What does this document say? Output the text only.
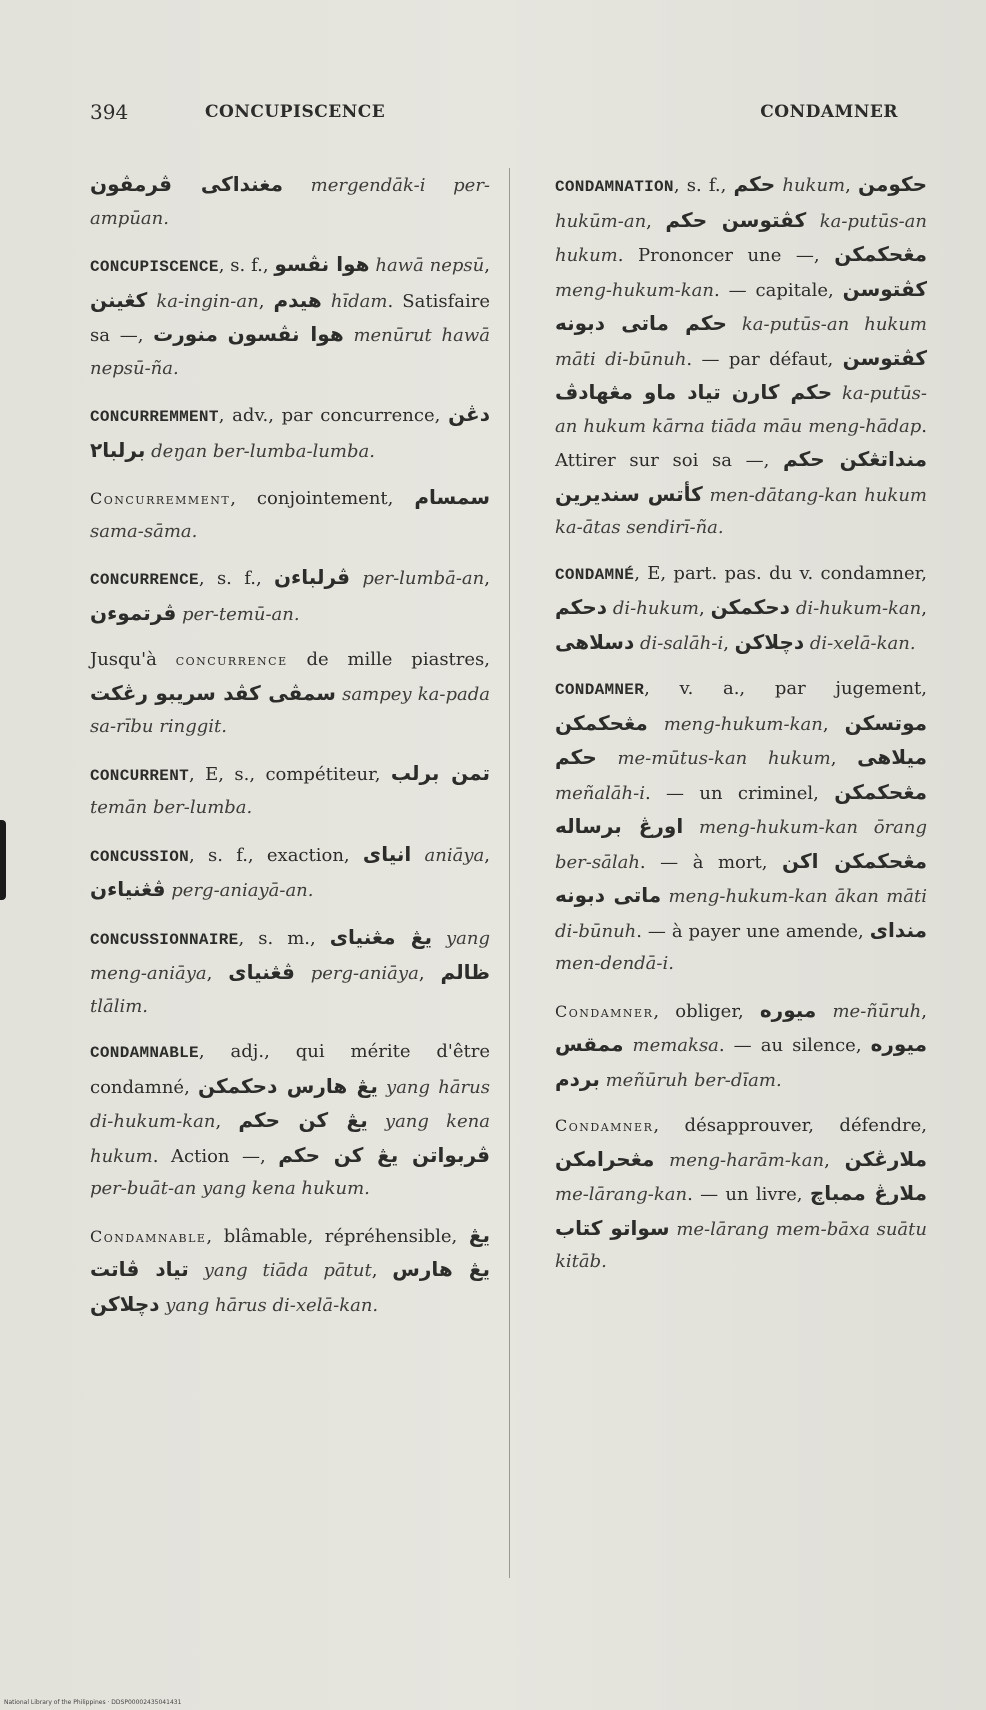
394	CONCUPISCENCE	CONDAMNER

مغنداكى ڤرمڤون mergendāk-i per-ampūan.

CONCUPISCENCE, s. f., هوا نڤسو hawā nepsū, كڠينن ka-ingin-an, هيدم hīdam. Satisfaire sa —, منورت هوا نڤسون menūrut hawā nepsū-ña.

CONCURREMMENT, adv., par concurrence, دڠن برلبا٢ deŋan ber-lumba-lumba.

Concurremment, conjointement, سمسام sama-sāma.

CONCURRENCE, s. f., ڤرلباءن per-lumbā-an, ڤرتموءن per-temū-an.

Jusqu'à concurrence de mille piastres, سمڤى كڤد سريبو رڠكت sampey ka-pada sa-rību ringgit.

CONCURRENT, E, s., compétiteur, تمن برلب temān ber-lumba.

CONCUSSION, s. f., exaction, انياى aniāya, ڤڠنياءن perg-aniayā-an.

CONCUSSIONNAIRE, s. m., يڠ مڠنياى yang meng-aniāya, ڤڠنياى perg-aniāya, ظالم tlālim.

CONDAMNABLE, adj., qui mérite d'être condamné, يڠ هارس دحكمكن yang hārus di-hukum-kan, يڠ كن حكم yang kena hukum. Action —, ڤربواتن يڠ كن حكم per-buāt-an yang kena hukum.

Condamnable, blâmable, répréhensible, يڠ تياد ڤاتت yang tiāda pātut, يڠ هارس دچلاكن yang hārus di-xelā-kan.

CONDAMNATION, s. f., حكم hukum, حكومن hukūm-an, كڤتوسن حكم ka-putūs-an hukum. Prononcer une —, مڠحكمكن meng-hukum-kan. — capitale, كڤتوسن حكم ماتى دبونه ka-putūs-an hukum māti di-būnuh. — par défaut, كڤتوسن حكم كارن تياد ماو مڠهادڤ ka-putūs-an hukum kārna tiāda māu meng-hādap. Attirer sur soi sa —, منداتڠكن حكم كأتس سنديرين men-dātang-kan hukum ka-ātas sendirī-ña.

CONDAMNÉ, E, part. pas. du v. condamner, دحكم di-hukum, دحكمكن di-hukum-kan, دسلاهى di-salāh-i, دچلاكن di-xelā-kan.

CONDAMNER, v. a., par jugement, مڠحكمكن meng-hukum-kan, موتسكن حكم me-mūtus-kan hukum, ميلاهى meñalāh-i. — un criminel, مڠحكمكن اورڠ برساله meng-hukum-kan ōrang ber-sālah. — à mort, مڠحكمكن اكن ماتى دبونه meng-hukum-kan ākan māti di-būnuh. — à payer une amende, منداى men-dendā-i.

Condamner, obliger, ميوره me-ñūruh, ممقس memaksa. — au silence, ميوره بردم meñūruh ber-dīam.

Condamner, désapprouver, défendre, مڠحرامكن meng-harām-kan, ملارڠكن me-lārang-kan. — un livre, ملارڠ ممباچ سواتو كتاب me-lārang mem-bāxa suātu kitāb.

National Library of the Philippines · DDSP00002435041431
